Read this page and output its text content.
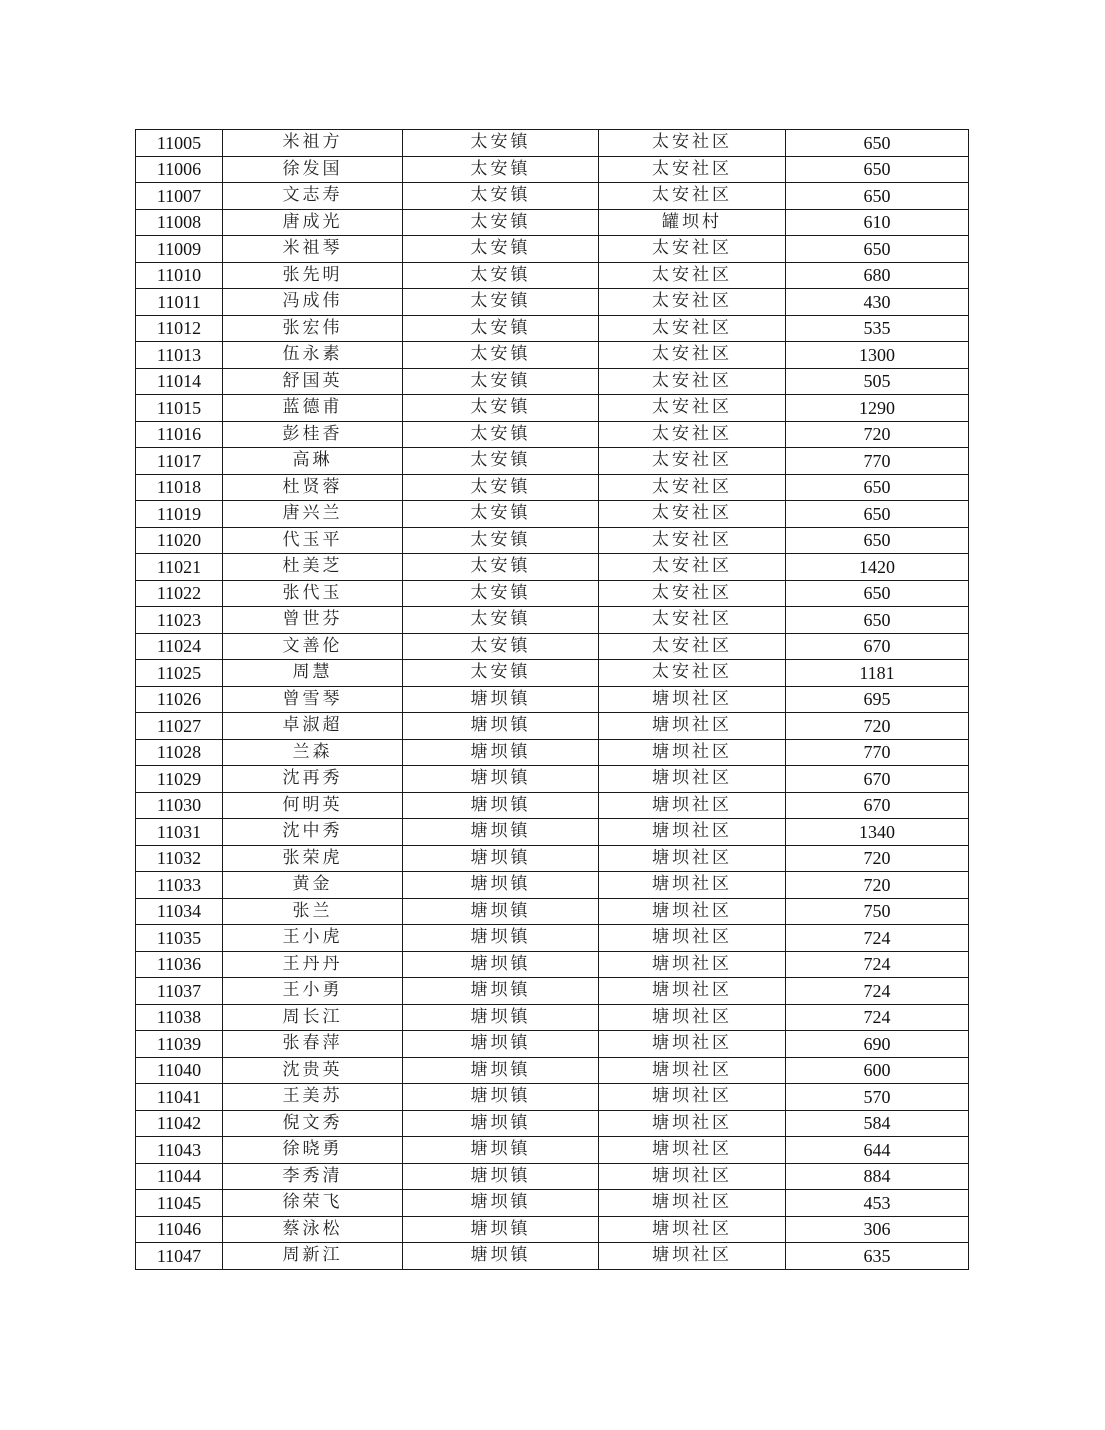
11005	米祖方	太安镇	太安社区	650
11006	徐发国	太安镇	太安社区	650
11007	文志寿	太安镇	太安社区	650
11008	唐成光	太安镇	罐坝村	610
11009	米祖琴	太安镇	太安社区	650
11010	张先明	太安镇	太安社区	680
11011	冯成伟	太安镇	太安社区	430
11012	张宏伟	太安镇	太安社区	535
11013	伍永素	太安镇	太安社区	1300
11014	舒国英	太安镇	太安社区	505
11015	蓝德甫	太安镇	太安社区	1290
11016	彭桂香	太安镇	太安社区	720
11017	高琳	太安镇	太安社区	770
11018	杜贤蓉	太安镇	太安社区	650
11019	唐兴兰	太安镇	太安社区	650
11020	代玉平	太安镇	太安社区	650
11021	杜美芝	太安镇	太安社区	1420
11022	张代玉	太安镇	太安社区	650
11023	曾世芬	太安镇	太安社区	650
11024	文善伦	太安镇	太安社区	670
11025	周慧	太安镇	太安社区	1181
11026	曾雪琴	塘坝镇	塘坝社区	695
11027	卓淑超	塘坝镇	塘坝社区	720
11028	兰森	塘坝镇	塘坝社区	770
11029	沈再秀	塘坝镇	塘坝社区	670
11030	何明英	塘坝镇	塘坝社区	670
11031	沈中秀	塘坝镇	塘坝社区	1340
11032	张荣虎	塘坝镇	塘坝社区	720
11033	黄金	塘坝镇	塘坝社区	720
11034	张兰	塘坝镇	塘坝社区	750
11035	王小虎	塘坝镇	塘坝社区	724
11036	王丹丹	塘坝镇	塘坝社区	724
11037	王小勇	塘坝镇	塘坝社区	724
11038	周长江	塘坝镇	塘坝社区	724
11039	张春萍	塘坝镇	塘坝社区	690
11040	沈贵英	塘坝镇	塘坝社区	600
11041	王美苏	塘坝镇	塘坝社区	570
11042	倪文秀	塘坝镇	塘坝社区	584
11043	徐晓勇	塘坝镇	塘坝社区	644
11044	李秀清	塘坝镇	塘坝社区	884
11045	徐荣飞	塘坝镇	塘坝社区	453
11046	蔡泳松	塘坝镇	塘坝社区	306
11047	周新江	塘坝镇	塘坝社区	635
